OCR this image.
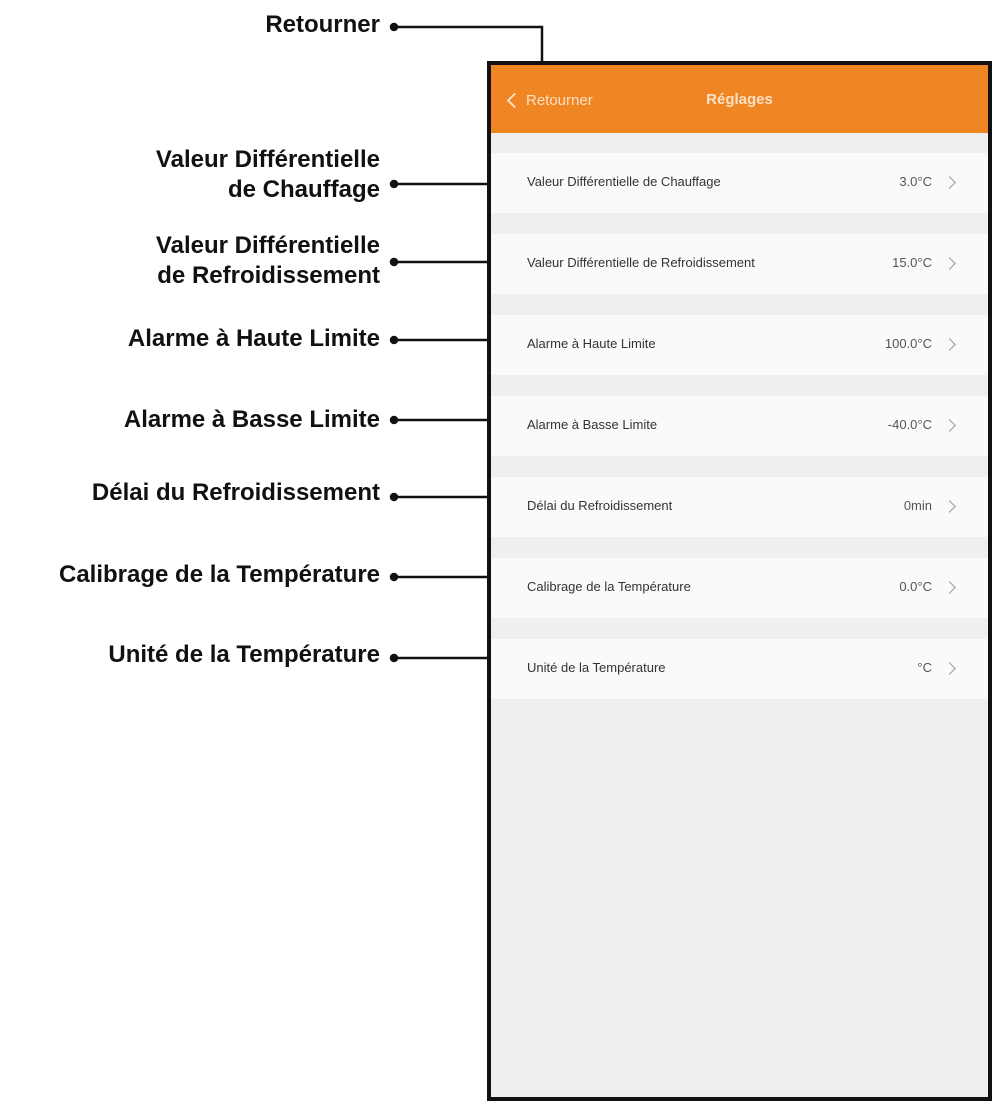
Retourner
Valeur Différentielle
de Chauffage
Valeur Différentielle
de Refroidissement
Alarme à Haute Limite
Alarme à Basse Limite
Délai du Refroidissement
Calibrage de la Température
Unité de la Température
Retourner	Réglages
Valeur Différentielle de Chauffage	3.0°C
Valeur Différentielle de Refroidissement	15.0°C
Alarme à Haute Limite	100.0°C
Alarme à Basse Limite	-40.0°C
Délai du Refroidissement	0min
Calibrage de la Température	0.0°C
Unité de la Température	°C
